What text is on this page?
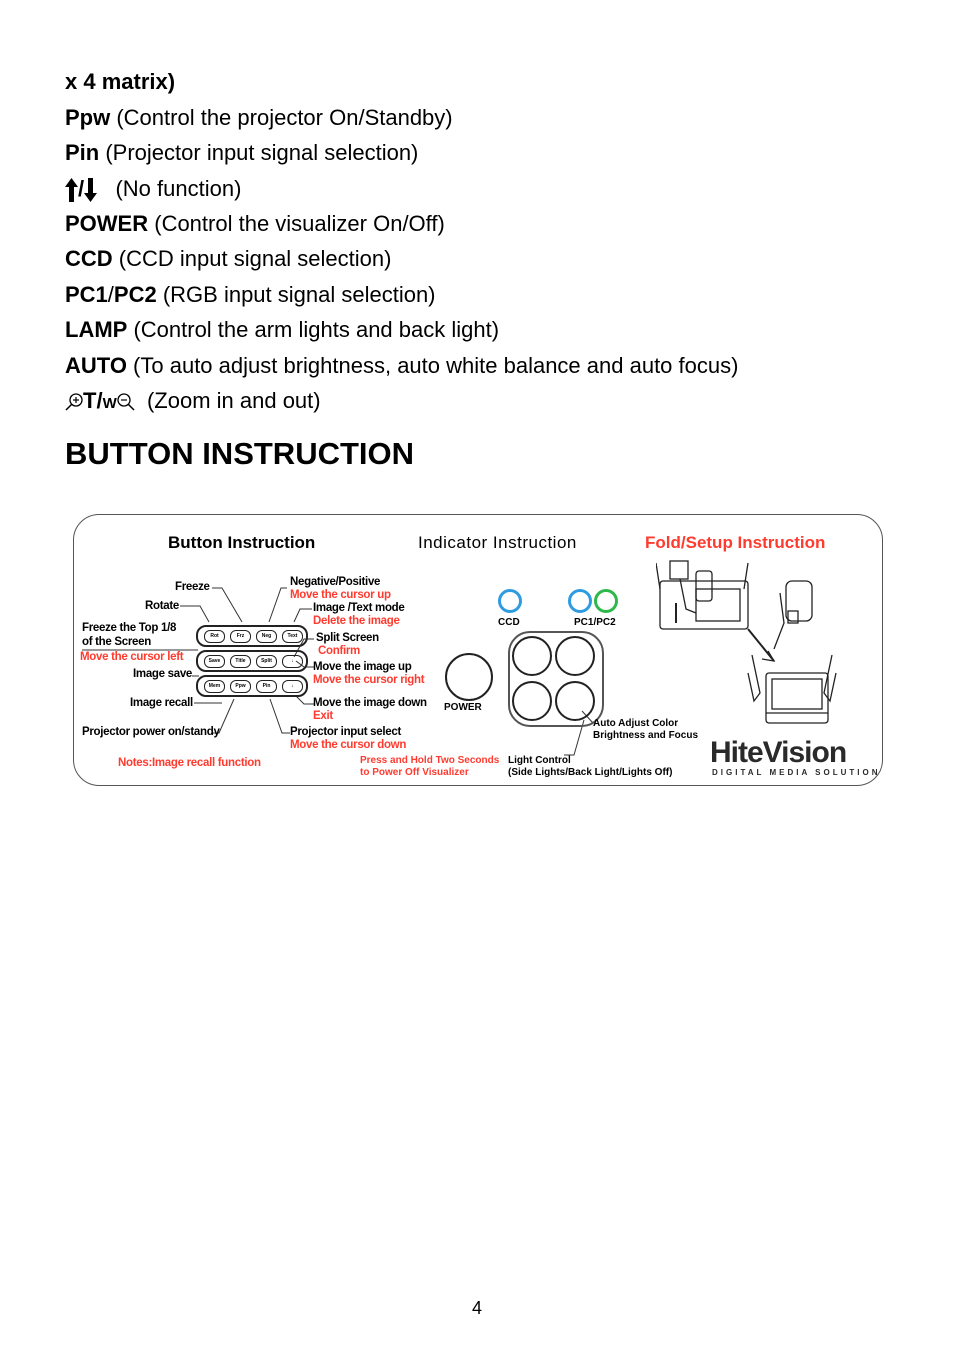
x 4 matrix)
Ppw (Control the projector On/Standby)
Pin (Projector input signal selection)
/ (No function)
POWER (Control the visualizer On/Off)
CCD (CCD input signal selection)
PC1/PC2 (RGB input signal selection)
LAMP (Control the arm lights and back light)
AUTO (To auto adjust brightness, auto white balance and auto focus)
T/W (Zoom in and out)
BUTTON INSTRUCTION
Button Instruction	Indicator Instruction	Fold/Setup Instruction
Freeze
Rotate
Freeze the Top 1/8
of the Screen
Move the cursor left
Image save
Image recall
Projector power on/standy
Notes:Image recall function
Negative/Positive
Move the cursor up
Image /Text mode
Delete the image
Split Screen
Confirm
Move the image up
Move the cursor right
Move the image down
Exit
Projector input select
Move the cursor down
Rot	Frz	Neg	Text
Save	Title	Split	↓
Mem	Ppw	Pin	↓
CCD	PC1/PC2
POWER
Auto Adjust Color
Brightness and Focus
Press and Hold Two Seconds
to Power Off Visualizer
Light Control
(Side Lights/Back Light/Lights Off)
HiteVision
DIGITAL MEDIA SOLUTION
4
